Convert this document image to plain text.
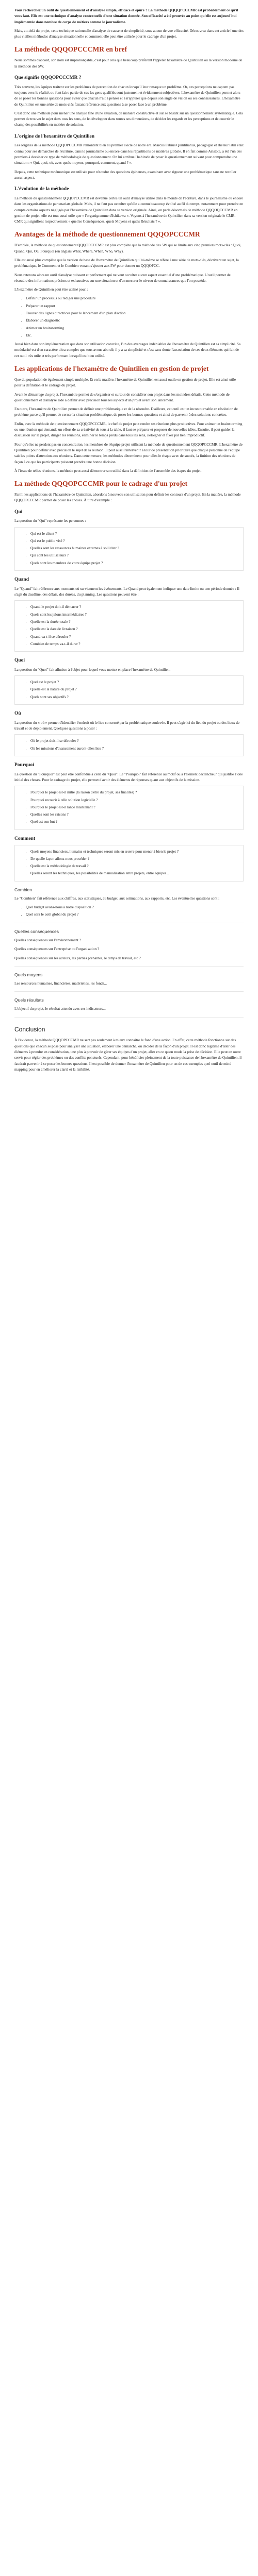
Vous recherchez un outil de questionnement et d'analyse simple, efficace et épuré ? La méthode QQQQPCCCMR est probablement ce qu'il vous faut. Elle est une technique d'analyse contextuelle d'une situation donnée. Son efficacité a été prouvée au point qu'elle est aujourd'hui implémentée dans nombre de corps de métiers comme le journalisme.

Mais, au-delà du projet, cette technique rationnelle d'analyse de cause et de simplicité, sous aucun de vue efficacité. Découvrez dans cet article l'une des plus vieilles méthodes d'analyse situationnelle et comment elle peut être utilisée pour le cadrage d'un projet.

La méthode QQQOPCCCMR en bref

Nous sommes d'accord, son nom est imprononçable, c'est pour cela que beaucoup préfèrent l'appeler hexamètre de Quintilien ou la version moderne de la méthode des 5W.

Que signifie QQQOPCCCMR ?

Très souvent, les équipes traitent sur les problèmes de perception de chacun lorsqu'il leur rattaque un problème. Or, ces perceptions ne captent pas toujours avec le réalité, ou font faire partie de ces les gens qualifiés sont justement et évidemment subjectives. L'hexamètre de Quintilien permet alors de se poser les bonnes questions pour éviter que chacun n'ait à penser et à n'appuier que depuis son angle de vision ou ses connaissances. L'hexamètre de Quintilien est une série de mots-clés faisant référence aux questions à se poser face à un problème.

C'est donc une méthode pour mener une analyse fine d'une situation, de manière constructive et sur se basant sur un questionnement systématique. Cela permet de trouver le sujet dans tous les sens, de le développer dans toutes ses dimensions, de décider les regards et les perceptions et de couvrir le champ des possibilités en matière de solution.

L'origine de l'hexamètre de Quintilien

Les origines de la méthode QQQOPCCCMR remontent bien au premier siècle de notre ère. Marcus Fabius Quintilianus, pédagogue et rhéteur latin était connu pour ses démarches de l'écriture, dans le journalisme ou encore dans les répartitions de matières globale. Il en fait comme Aristote, a été l'un des premiers à dessiner ce type de méthodologie de questionnement. On lui attribue l'habitude de poser le questionnement suivant pour comprendre une situation : « Qui, quoi, où, avec quels moyens, pourquoi, comment, quand ? ».

Depuis, cette technique mnémonique est utilisée pour résoudre des questions épineuses, examinant avec rigueur une problématique sans ne recoller aucun aspect.

L'évolution de la méthode

La méthode du questionnement QQQOPCCCMR est devenue certes un outil d'analyse utilisé dans le monde de l'écriture, dans le journalisme ou encore dans les organisations de partenariats globale. Mais, il ne faut pas occulter qu'elle a connu beaucoup évolué au fil du temps, notamment pour prendre en compte certains aspects négligés par l'hexamètre de Quintilien dans sa version originale. Ainsi, on parle désormais de méthode QQQOQCCCMR en gestion de projet, elle est tout aussi utile que « l'organigramme d'Ishikawa ». Voyons à l'hexamètre de Quintilien dans sa version originale le CMR. CMR qui signifient respectivement « quelles Conséquences, quels Moyens et quels Résultats ? ».

Avantages de la méthode de questionnement QQQOPCCCMR

D'emblée, la méthode de questionnement QQQOPCCCMR est plus complète que la méthode des 5W qui se limite aux cinq premiers mots-clés : Quoi, Quand, Qui, Où, Pourquoi (en anglais What, Where, When, Who, Why).

Elle est aussi plus complète que la version de base de l'hexamètre de Quintilien qui lui-même se réfère à une série de mots-clés, décrivant un sujet, la problématique, le Comment et le Combien venant s'ajouter aux 5W pour donner un QQQOPCC.

Nous retenons alors un outil d'analyse puissant et performant qui ne veut occulter aucun aspect essentiel d'une problématique. L'outil permet de résoudre des informations précises et exhaustives sur une situation et d'en mesurer le niveau de connaissances que l'on possède.

L'hexamètre de Quintilien peut être utilisé pour :

• Définir un processus ou rédiger une procédure
• Préparer un rapport
• Trouver des lignes directrices pour le lancement d'un plan d'action
• Élaborer un diagnostic
• Animer un brainstorming
• Etc.

Aussi bien dans son implémentation que dans son utilisation concrète, l'un des avantages indéniables de l'hexamètre de Quintilien est sa simplicité. Sa modularité est d'un caractère ultra-complet que tous avons abordé, il y a sa simplicité et c'est sans doute l'association de ces deux éléments qui fait de cet outil très utile et très performant lorsqu'il est bien utilisé.

Les applications de l'hexamètre de Quintilien en gestion de projet

Que du population de également simple multiple. Et en la matière, l'hexamètre de Quintilien est aussi outile en gestion de projet. Elle est ainsi utile pour la définition et le cadrage du projet.

Avant le démarrage du projet, l'hexamètre permet de s'organiser et surtout de considérer son projet dans les moindres détails. Cette méthode de questionnement et d'analyse aide à définir avec précision tous les aspects d'un projet avant son lancement.

En outre, l'hexamètre de Quintilien permet de définir une problématique et de la résoudre. D'ailleurs, cet outil est un incontournable en résolution de problème parce qu'il permet de cerner la situation problématique, de poser les bonnes questions et ainsi de parvenir à des solutions concrètes.

Enfin, avec la méthode de questionnement QQQOPCCCMR, le chef de projet peut rendre ses réunions plus productives. Pour animer un brainstorming ou une réunion qui demande un effort de sa créativité de tous à la table, il faut se préparer et proposer de nouvelles idées. Ensuite, il peut guider la discussion sur le projet, diriger les réunions, éliminer le temps perdu dans tous les sens, s'éloigner et fixer par lien improductif.

Pour qu'elles ne perdent pas en concentration, les membres de l'équipe projet utilisent la méthode de questionnement QQQOPCCCMR. L'hexamètre de Quintilien pour définir avec précision le sujet de la réunion. Il peut aussi l'intervenir à tour de présentation prioritaire que chaque personne de l'équipe sait les points d'attention aux réunions. Dans cette mesure, les méthodes déterminent pour elles le risque avec de succès, la finition des réunions de façon à ce que les participants puissent prendre une bonne décision.

À l'issue de telles réunions, la méthode peut aussi démontrer son utilité dans la définition de l'ensemble des étapes du projet.

La méthode QQQOPCCCMR pour le cadrage d'un projet

Parmi les applications de l'hexamètre de Quintilien, abordons à nouveau son utilisation pour définir les contours d'un projet. En la matière, la méthode QQQOPCCCMR permet de poser les choses. À titre d'exemple :

Qui

La question du "Qui" représente les personnes :

• Qui est le client ?
• Qui est le public visé ?
• Quelles sont les ressources humaines externes à solliciter ?
• Qui sont les utilisateurs ?
• Quels sont les membres de votre équipe projet ?
Quand

Le "Quand" fait référence aux moments où surviennent les événements. Le Quand peut également indiquer une date limite ou une période donnée : Il s'agit du deadline, des délais, des durées, du planning. Les questions peuvent être :

• Quand le projet doit-il démarrer ?
• Quels sont les jalons intermédiaires ?
• Quelle est la durée totale ?
• Quelle est la date de livraison ?
• Quand va-t-il se dérouler ?
• Combien de temps va-t-il durer ?
Quoi

La question du "Quoi" fait allusion à l'objet pour lequel vous mettez en place l'hexamètre de Quintilien.

• Quel est le projet ?
• Quelle est la nature du projet ?
• Quels sont ses objectifs ?
Où

La question du « où » permet d'identifier l'endroit où le lieu concerné par la problématique soulevée. Il peut s'agir ici du lieu du projet ou des lieux de travail et de déploiement. Quelques questions à poser :

• Où le projet doit-il se dérouler ?
• Où les missions d'avancement auront-elles lieu ?
Pourquoi

La question du "Pourquoi" est peut être confondue à celle du "Quoi". Le "Pourquoi" fait référence au motif ou à l'élément déclencheur qui justifie l'idée initial des choses. Pour le cadrage du projet, elle permet d'avoir des éléments de réponses quant aux objectifs de la mission.

• Pourquoi le projet est-il initié (la raison d'être du projet, ses finalités) ?
• Pourquoi recourir à telle solution logicielle ?
• Pourquoi le projet est-il lancé maintenant ?
• Quelles sont les raisons ?
• Quel est son but ?
Comment
• Quels moyens financiers, humains et techniques seront mis en œuvre pour mener à bien le projet ?
• De quelle façon allons-nous procéder ?
• Quelle est la méthodologie de travail ?
• Quelles seront les techniques, les possibilités de manualisation entre projets, entre équipes...
Combien

Le "Combien" fait référence aux chiffres, aux statistiques, au budget, aux estimations, aux rapports, etc. Les éventuelles questions sont :

• Quel budget avons-nous à notre disposition ?
• Quel sera le coût global du projet ?
Quelles conséquences

Quelles conséquences sur l'environnement ?

Quelles conséquences sur l'entreprise ou l'organisation ?

Quelles conséquences sur les acteurs, les parties prenantes, le temps de travail, etc ?

Quels moyens

Les ressources humaines, financières, matérielles, les fonds...

Quels résultats

L'objectif du projet, le résultat attendu avec ses indicateurs...

Conclusion

À l'évidence, la méthode QQQOPCCCMR ne sert pas seulement à mieux connaître le fond d'une action. En effet, cette méthode fonctionne sur des questions que chacun se pose pour analyser une situation, élaborer une démarche, ou décider de la façon d'un projet. Il est donc légitime d'aller des éléments à prendre en considération, une plus à pouvoir de gérer ses équipes d'un projet, aller en ce qu'on mode la prise de décision. Elle peut en outre servir pour régler des problèmes ou des conflits ponctuels. Cependant, pour bénéficier pleinement de la toute puissance de l'hexamètre de Quintilien, il faudrait parvenir à se poser les bonnes questions. Il est possible de donner l'hexamètre de Quintilien pour un de ces exemples quel outil de mind mapping pour en améliorer la clarté et la lisibilité.
